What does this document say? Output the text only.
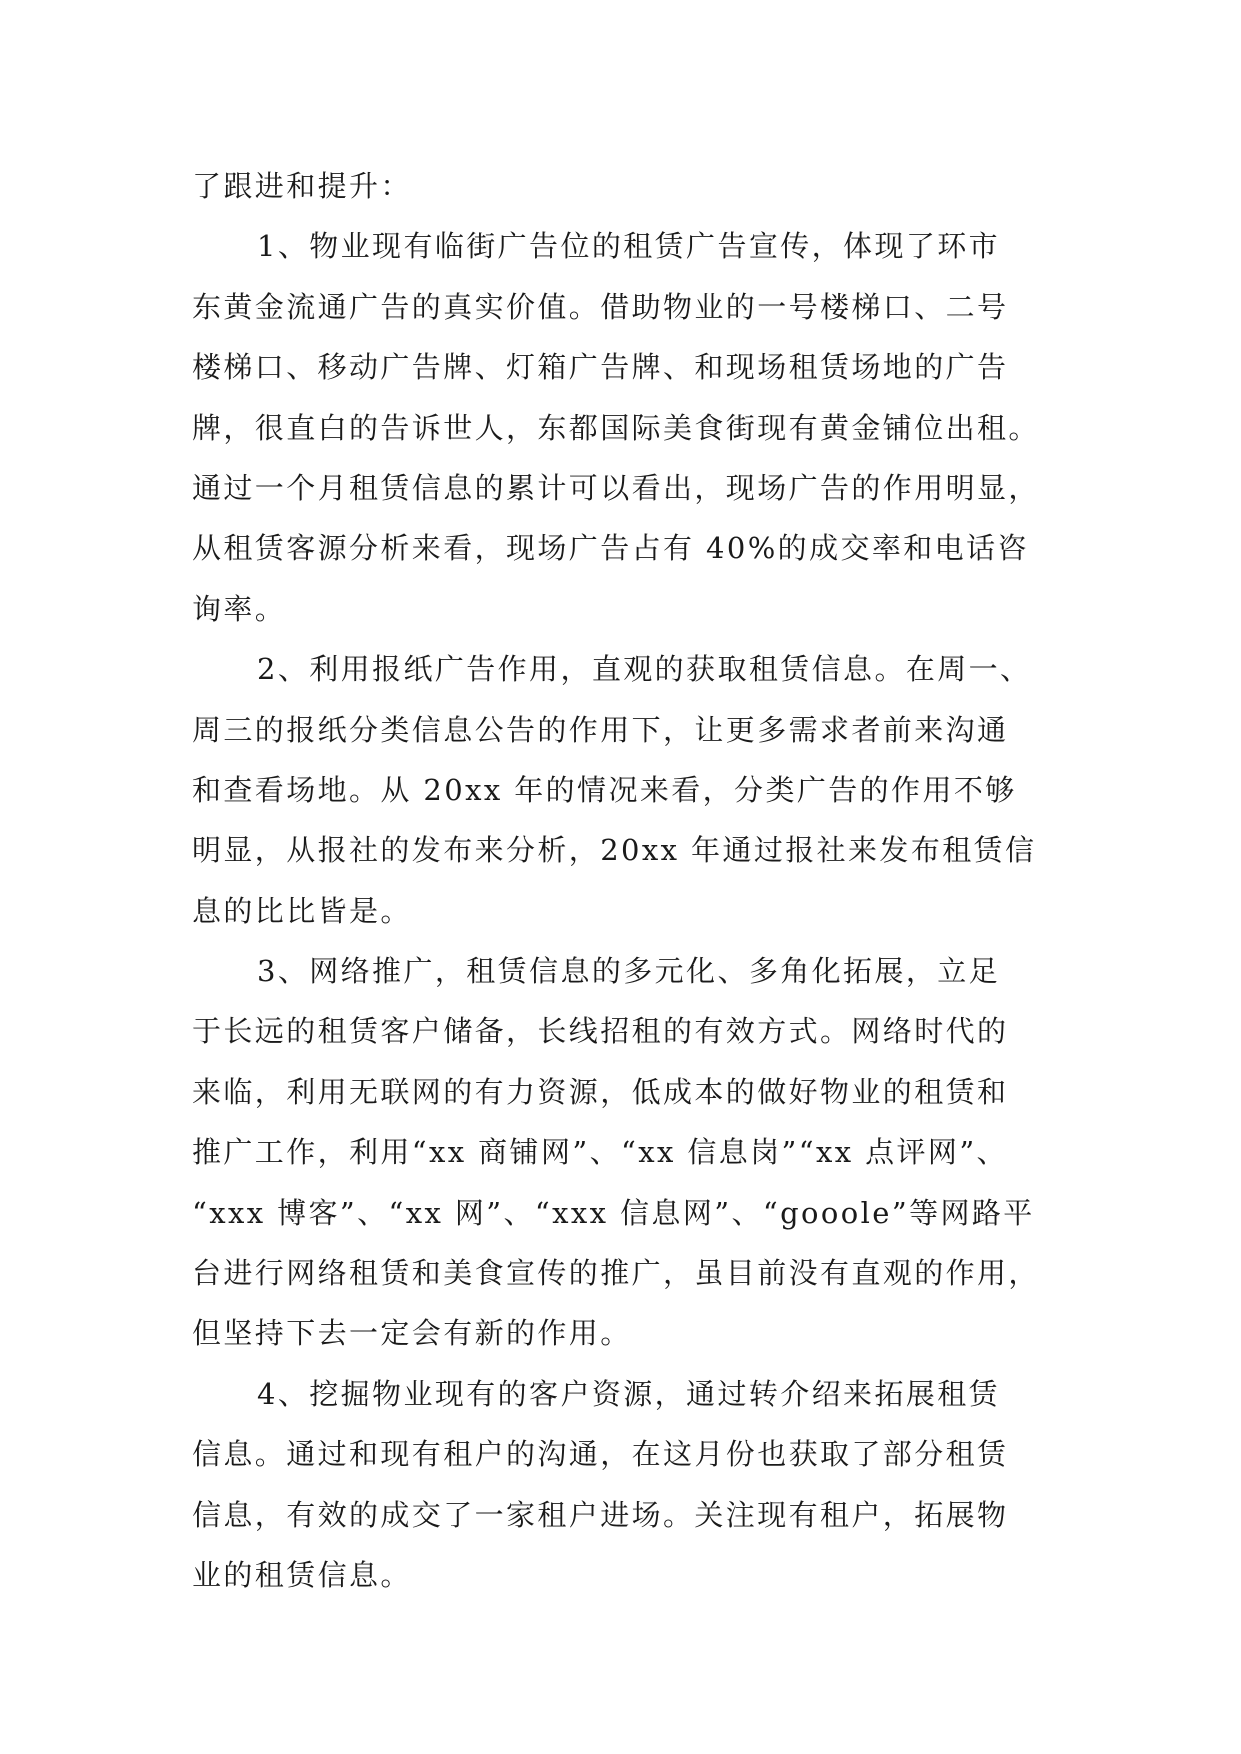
了跟进和提升：
1、物业现有临街广告位的租赁广告宣传，体现了环市
东黄金流通广告的真实价值。借助物业的一号楼梯口、二号
楼梯口、移动广告牌、灯箱广告牌、和现场租赁场地的广告
牌，很直白的告诉世人，东都国际美食街现有黄金铺位出租。
通过一个月租赁信息的累计可以看出，现场广告的作用明显，
从租赁客源分析来看，现场广告占有 40%的成交率和电话咨
询率。
2、利用报纸广告作用，直观的获取租赁信息。在周一、
周三的报纸分类信息公告的作用下，让更多需求者前来沟通
和查看场地。从 20xx 年的情况来看，分类广告的作用不够
明显，从报社的发布来分析，20xx 年通过报社来发布租赁信
息的比比皆是。
3、网络推广，租赁信息的多元化、多角化拓展，立足
于长远的租赁客户储备，长线招租的有效方式。网络时代的
来临，利用无联网的有力资源，低成本的做好物业的租赁和
推广工作，利用“xx 商铺网”、“xx 信息岗”“xx 点评网”、
“xxx 博客”、“xx 网”、“xxx 信息网”、“gooole”等网路平
台进行网络租赁和美食宣传的推广，虽目前没有直观的作用，
但坚持下去一定会有新的作用。
4、挖掘物业现有的客户资源，通过转介绍来拓展租赁
信息。通过和现有租户的沟通，在这月份也获取了部分租赁
信息，有效的成交了一家租户进场。关注现有租户，拓展物
业的租赁信息。
